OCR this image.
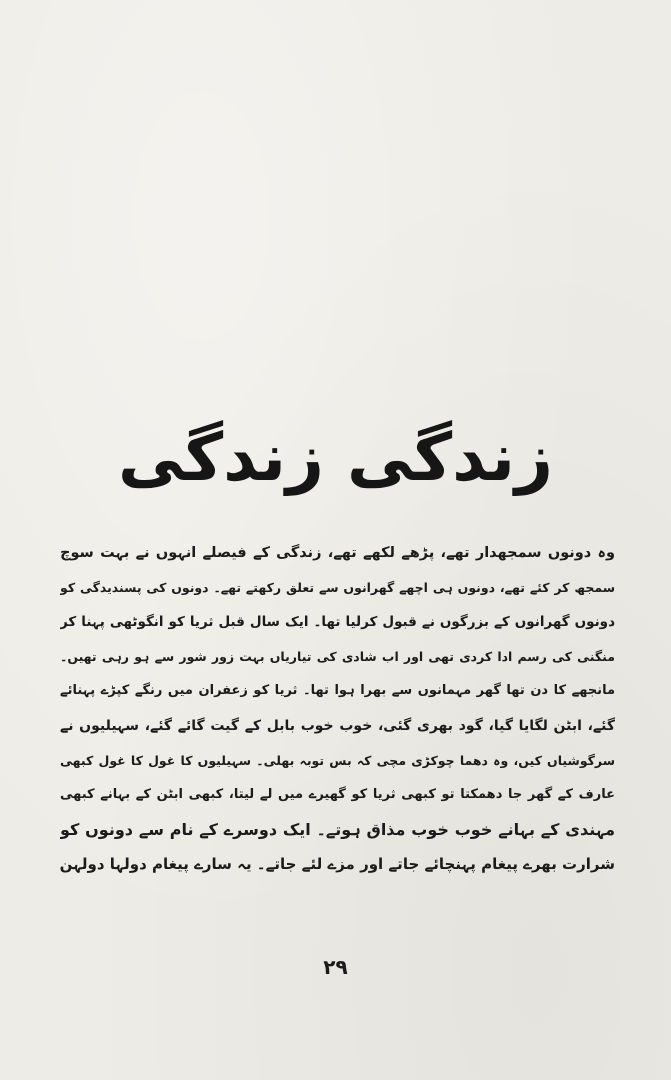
زندگی زندگی
وہ دونوں سمجھدار تھے، پڑھے لکھے تھے، زندگی کے فیصلے انہوں نے بہت سوچ
سمجھ کر کئے تھے، دونوں ہی اچھے گھرانوں سے تعلق رکھتے تھے۔ دونوں کی پسندیدگی کو
دونوں گھرانوں کے بزرگوں نے قبول کرلیا تھا۔ ایک سال قبل ثریا کو انگوٹھی پہنا کر
منگنی کی رسم ادا کردی تھی اور اب شادی کی تیاریاں بہت زور شور سے ہو رہی تھیں۔
مانجھے کا دن تھا گھر مہمانوں سے بھرا ہوا تھا۔ ثریا کو زعفران میں رنگے کپڑے پہنائے
گئے، ابٹن لگایا گیا، گود بھری گئی، خوب خوب بابل کے گیت گائے گئے، سہیلیوں نے
سرگوشیاں کیں، وہ دھما چوکڑی مچی کہ بس توبہ بھلی۔ سہیلیوں کا غول کا غول کبھی
عارف کے گھر جا دھمکتا تو کبھی ثریا کو گھیرے میں لے لیتا، کبھی ابٹن کے بہانے کبھی
مہندی کے بہانے خوب خوب مذاق ہوتے۔ ایک دوسرے کے نام سے دونوں کو
شرارت بھرے پیغام پہنچائے جاتے اور مزے لئے جاتے۔ یہ سارے پیغام دولہا دولہن
۲۹
